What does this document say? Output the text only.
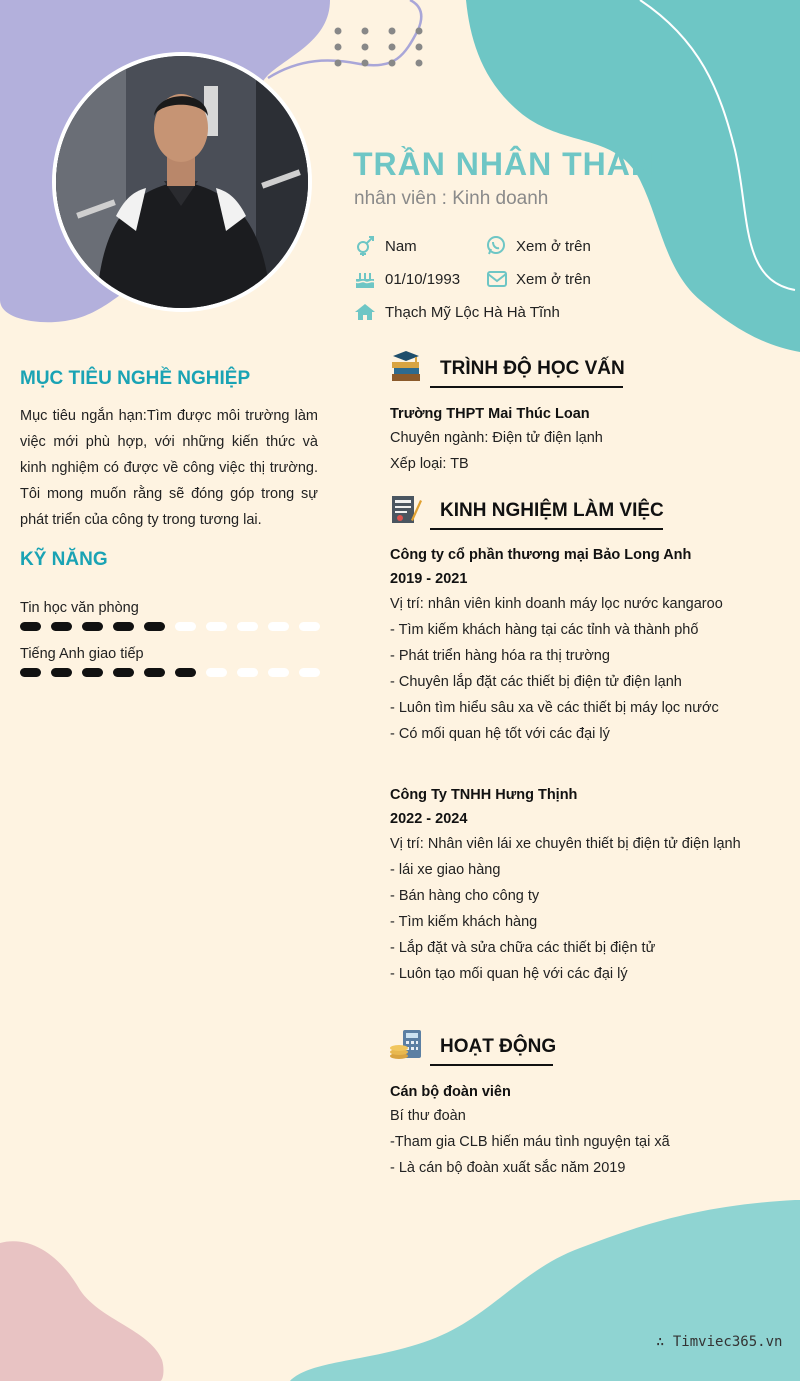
TRẦN NHÂN THÂN
nhân viên : Kinh doanh
Nam	Xem ở trên
01/10/1993	Xem ở trên
Thạch Mỹ Lộc Hà Hà Tĩnh
MỤC TIÊU NGHỀ NGHIỆP
Mục tiêu ngắn hạn:Tìm được môi trường làm việc mới phù hợp, với những kiến thức và kinh nghiệm có được về công việc thị trường. Tôi mong muốn rằng sẽ đóng góp trong sự phát triển của công ty trong tương lai.
KỸ NĂNG
Tin học văn phòng
Tiếng Anh giao tiếp
TRÌNH ĐỘ HỌC VẤN
Trường THPT Mai Thúc Loan
Chuyên ngành: Điện tử điện lạnh
Xếp loại: TB
KINH NGHIỆM LÀM VIỆC
Công ty cổ phần thương mại Bảo Long Anh
2019 - 2021
Vị trí: nhân viên kinh doanh máy lọc nước kangaroo
- Tìm kiếm khách hàng tại các tỉnh và thành phố
- Phát triển hàng hóa ra thị trường
- Chuyên lắp đặt các thiết bị điện tử điện lạnh
- Luôn tìm hiểu sâu xa về các thiết bị máy lọc nước
- Có mối quan hệ tốt với các đại lý
Công Ty TNHH Hưng Thịnh
2022 - 2024
Vị trí: Nhân viên lái xe chuyên thiết bị điện tử điện lạnh
- lái xe giao hàng
- Bán hàng cho công ty
- Tìm kiếm khách hàng
- Lắp đặt và sửa chữa các thiết bị điện tử
- Luôn tạo mối quan hệ với các đại lý
HOẠT ĐỘNG
Cán bộ đoàn viên
Bí thư đoàn
-Tham gia CLB hiến máu tình nguyện tại xã
- Là cán bộ đoàn xuất sắc năm 2019
∴ Timviec365.vn
